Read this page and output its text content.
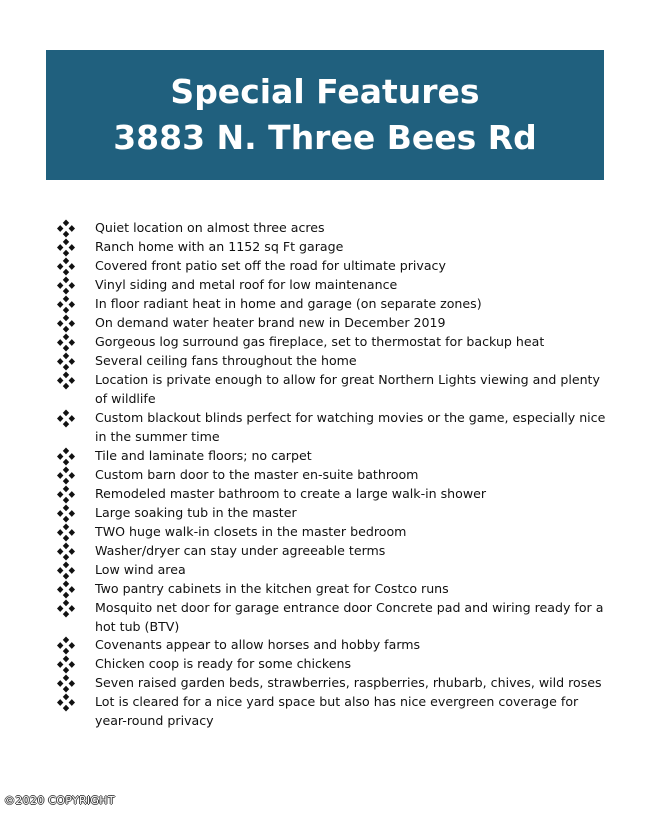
Special Features
3883 N. Three Bees Rd
Quiet location on almost three acres
Ranch home with an 1152 sq Ft garage
Covered front patio set off the road for ultimate privacy
Vinyl siding and metal roof for low maintenance
In floor radiant heat in home and garage (on separate zones)
On demand water heater brand new in December 2019
Gorgeous log surround gas fireplace, set to thermostat for backup heat
Several ceiling fans throughout the home
Location is private enough to allow for great Northern Lights viewing and plenty of wildlife
Custom blackout blinds perfect for watching movies or the game, especially nice in the summer time
Tile and laminate floors; no carpet
Custom barn door to the master en-suite bathroom
Remodeled master bathroom to create a large walk-in shower
Large soaking tub in the master
TWO huge walk-in closets in the master bedroom
Washer/dryer can stay under agreeable terms
Low wind area
Two pantry cabinets in the kitchen great for Costco runs
Mosquito net door for garage entrance door Concrete pad and wiring ready for a hot tub (BTV)
Covenants appear to allow horses and hobby farms
Chicken coop is ready for some chickens
Seven raised garden beds, strawberries, raspberries, rhubarb, chives, wild roses
Lot is cleared for a nice yard space but also has nice evergreen coverage for year-round privacy
©2020 COPYRIGHT
